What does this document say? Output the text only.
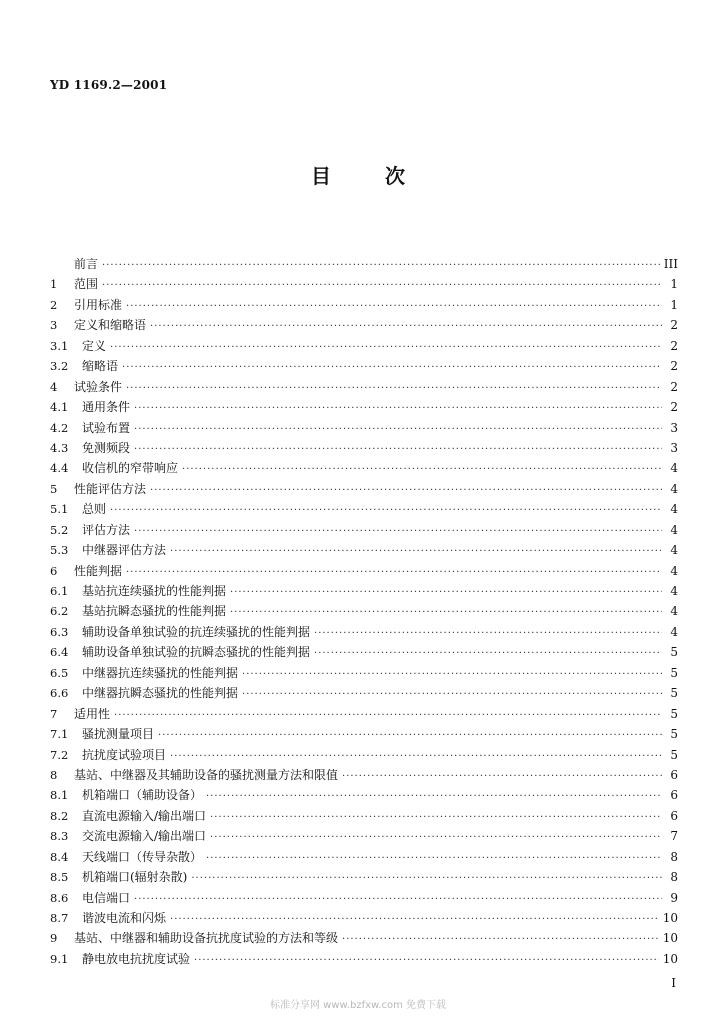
YD 1169.2—2001
目	次
前言 ·····	III
1	范围 ·····	1
2	引用标准 ·····	1
3	定义和缩略语 ·····	2
3.1	定义 ·····	2
3.2	缩略语 ·····	2
4	试验条件 ·····	2
4.1	通用条件 ·····	2
4.2	试验布置 ·····	3
4.3	免测频段 ·····	3
4.4	收信机的窄带响应 ·····	4
5	性能评估方法 ·····	4
5.1	总则 ·····	4
5.2	评估方法 ·····	4
5.3	中继器评估方法 ·····	4
6	性能判据 ·····	4
6.1	基站抗连续骚扰的性能判据 ·····	4
6.2	基站抗瞬态骚扰的性能判据 ·····	4
6.3	辅助设备单独试验的抗连续骚扰的性能判据 ·····	4
6.4	辅助设备单独试验的抗瞬态骚扰的性能判据 ·····	5
6.5	中继器抗连续骚扰的性能判据 ·····	5
6.6	中继器抗瞬态骚扰的性能判据 ·····	5
7	适用性 ·····	5
7.1	骚扰测量项目 ·····	5
7.2	抗扰度试验项目 ·····	5
8	基站、中继器及其辅助设备的骚扰测量方法和限值 ·····	6
8.1	机箱端口（辅助设备） ·····	6
8.2	直流电源输入/输出端口 ·····	6
8.3	交流电源输入/输出端口 ·····	7
8.4	天线端口（传导杂散） ·····	8
8.5	机箱端口(辐射杂散) ·····	8
8.6	电信端口 ·····	9
8.7	谐波电流和闪烁 ·····	10
9	基站、中继器和辅助设备抗扰度试验的方法和等级 ·····	10
9.1	静电放电抗扰度试验 ·····	10
I
标准分享网 www.bzfxw.com 免费下载
